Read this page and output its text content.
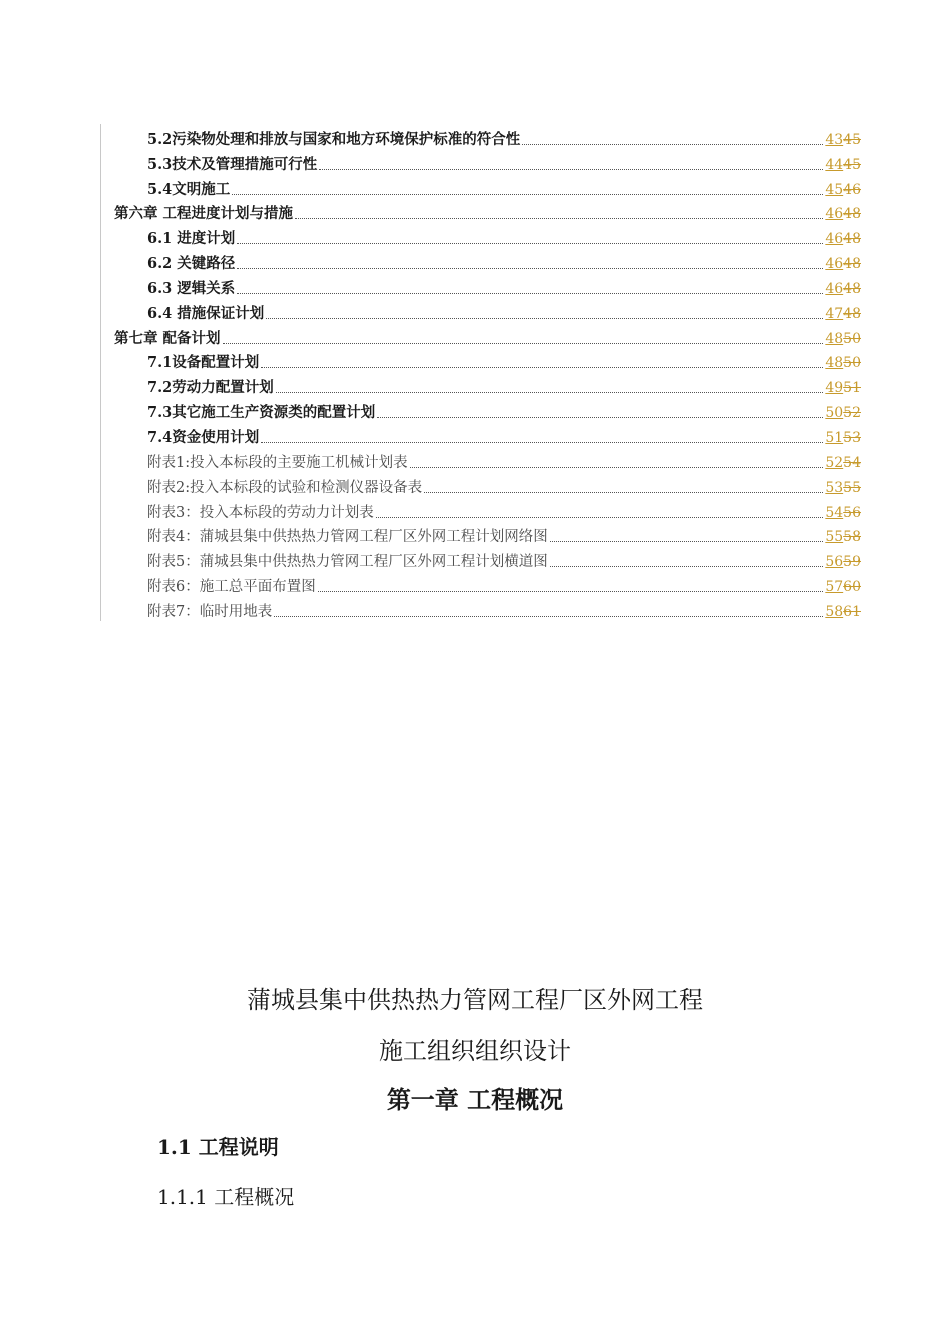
5.2污染物处理和排放与国家和地方环境保护标准的符合性	4345
5.3技术及管理措施可行性	4445
5.4文明施工	4546
第六章 工程进度计划与措施	4648
6.1 进度计划	4648
6.2 关键路径	4648
6.3 逻辑关系	4648
6.4 措施保证计划	4748
第七章 配备计划	4850
7.1设备配置计划	4850
7.2劳动力配置计划	4951
7.3其它施工生产资源类的配置计划	5052
7.4资金使用计划	5153
附表1:投入本标段的主要施工机械计划表	5254
附表2:投入本标段的试验和检测仪器设备表	5355
附表3：投入本标段的劳动力计划表	5456
附表4：蒲城县集中供热热力管网工程厂区外网工程计划网络图	5558
附表5：蒲城县集中供热热力管网工程厂区外网工程计划横道图	5659
附表6：施工总平面布置图	5760
附表7：临时用地表	5861
蒲城县集中供热热力管网工程厂区外网工程
施工组织组织设计
第一章 工程概况
1.1 工程说明
1.1.1 工程概况
